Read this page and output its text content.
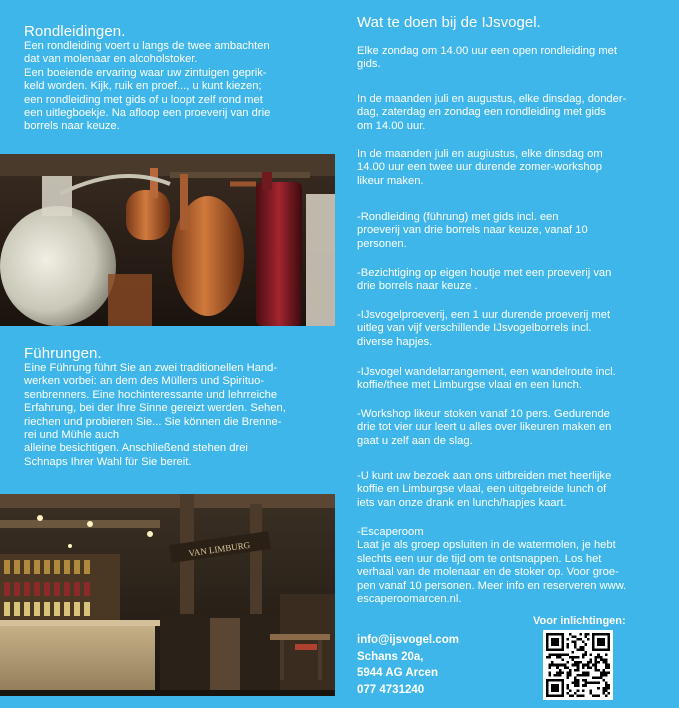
Rondleidingen.
Een rondleiding voert u langs de twee ambachten
dat van molenaar en alcoholstoker.
Een boeiende ervaring waar uw zintuigen geprik-
keld worden. Kijk, ruik en proef..., u kunt kiezen;
een rondleiding met gids of u loopt zelf rond met
een uitlegboekje. Na afloop een proeverij van drie
borrels naar keuze.
Führungen.
Eine Führung führt Sie an zwei traditionellen Hand-
werken vorbei: an dem des Müllers und Spirituo-
senbrenners. Eine hochinteressante und lehrreiche
Erfahrung, bei der Ihre Sinne gereizt werden. Sehen,
riechen und probieren Sie... Sie können die Brenne-
rei und Mühle auch
alleine besichtigen. Anschließend stehen drei
Schnaps Ihrer Wahl für Sie bereit.
VAN LIMBURG
Wat te doen bij de IJsvogel.
Elke zondag om 14.00 uur een open rondleiding met
gids.
In de maanden juli en augustus, elke dinsdag, donder-
dag, zaterdag en zondag een rondleiding met gids
om 14.00 uur.
In de maanden juli en augiustus, elke dinsdag om
14.00 uur een twee uur durende zomer-workshop
likeur maken.
-Rondleiding (führung) met gids incl. een
proeverij van drie borrels naar keuze, vanaf 10
personen.
-Bezichtiging op eigen houtje met een proeverij van
drie borrels naar keuze .
-IJsvogelproeverij, een 1 uur durende proeverij met
uitleg van vijf verschillende IJsvogelborrels incl.
diverse hapjes.
-IJsvogel wandelarrangement, een wandelroute incl.
koffie/thee met Limburgse vlaai en een lunch.
-Workshop likeur stoken vanaf 10 pers. Gedurende
drie tot vier uur leert u alles over likeuren maken en
gaat u zelf aan de slag.
-U kunt uw bezoek aan ons uitbreiden met heerlijke
koffie en Limburgse vlaai, een uitgebreide lunch of
iets van onze drank en lunch/hapjes kaart.
-Escaperoom
Laat je als groep opsluiten in de watermolen, je hebt
slechts een uur de tijd om te ontsnappen. Los het
verhaal van de molenaar en de stoker op. Voor groe-
pen vanaf 10 personen. Meer info en reserveren www.
escaperoomarcen.nl.
info@ijsvogel.com
Schans 20a,
5944 AG Arcen
077 4731240
Voor inlichtingen:
